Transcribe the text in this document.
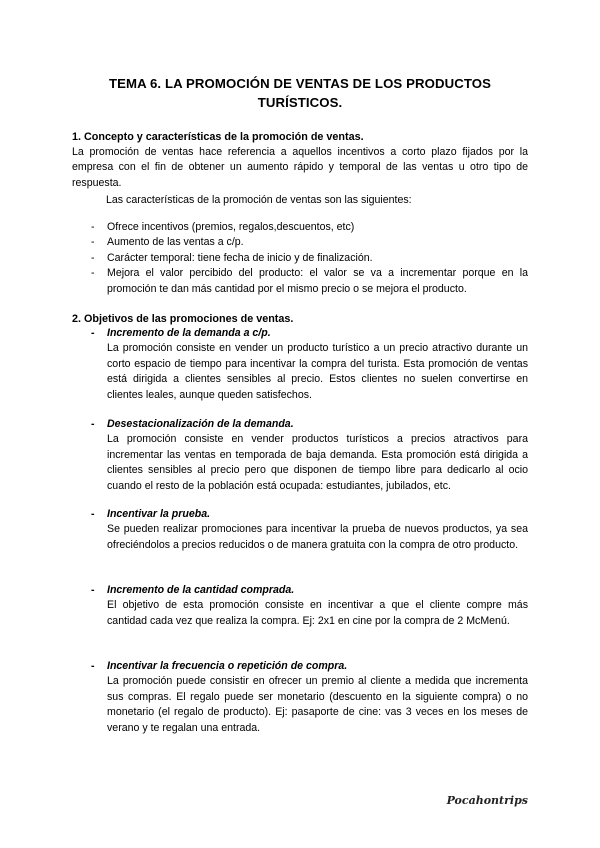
TEMA 6. LA PROMOCIÓN DE VENTAS DE LOS PRODUCTOS TURÍSTICOS.
1. Concepto y características de la promoción de ventas.
La promoción de ventas hace referencia a aquellos incentivos a corto plazo fijados por la empresa con el fin de obtener un aumento rápido y temporal de las ventas u otro tipo de respuesta.
Las características de la promoción de ventas son las siguientes:
- Ofrece incentivos (premios, regalos,descuentos, etc)
- Aumento de las ventas a c/p.
- Carácter temporal: tiene fecha de inicio y de finalización.
- Mejora el valor percibido del producto: el valor se va a incrementar porque en la promoción te dan más cantidad por el mismo precio o se mejora el producto.
2. Objetivos de las promociones de ventas.
- Incremento de la demanda a c/p.
La promoción consiste en vender un producto turístico a un precio atractivo durante un corto espacio de tiempo para incentivar la compra del turista. Esta promoción de ventas está dirigida a clientes sensibles al precio. Estos clientes no suelen convertirse en clientes leales, aunque queden satisfechos.
- Desestacionalización de la demanda.
La promoción consiste en vender productos turísticos a precios atractivos para incrementar las ventas en temporada de baja demanda. Esta promoción está dirigida a clientes sensibles al precio pero que disponen de tiempo libre para dedicarlo al ocio cuando el resto de la población está ocupada: estudiantes, jubilados, etc.
- Incentivar la prueba.
Se pueden realizar promociones para incentivar la prueba de nuevos productos, ya sea ofreciéndolos a precios reducidos o de manera gratuita con la compra de otro producto.
- Incremento de la cantidad comprada.
El objetivo de esta promoción consiste en incentivar a que el cliente compre más cantidad cada vez que realiza la compra. Ej: 2x1 en cine por la compra de 2 McMenú.
- Incentivar la frecuencia o repetición de compra.
La promoción puede consistir en ofrecer un premio al cliente a medida que incrementa sus compras. El regalo puede ser monetario (descuento en la siguiente compra) o no monetario (el regalo de producto). Ej: pasaporte de cine: vas 3 veces en los meses de verano y te regalan una entrada.
Pocahontrips
